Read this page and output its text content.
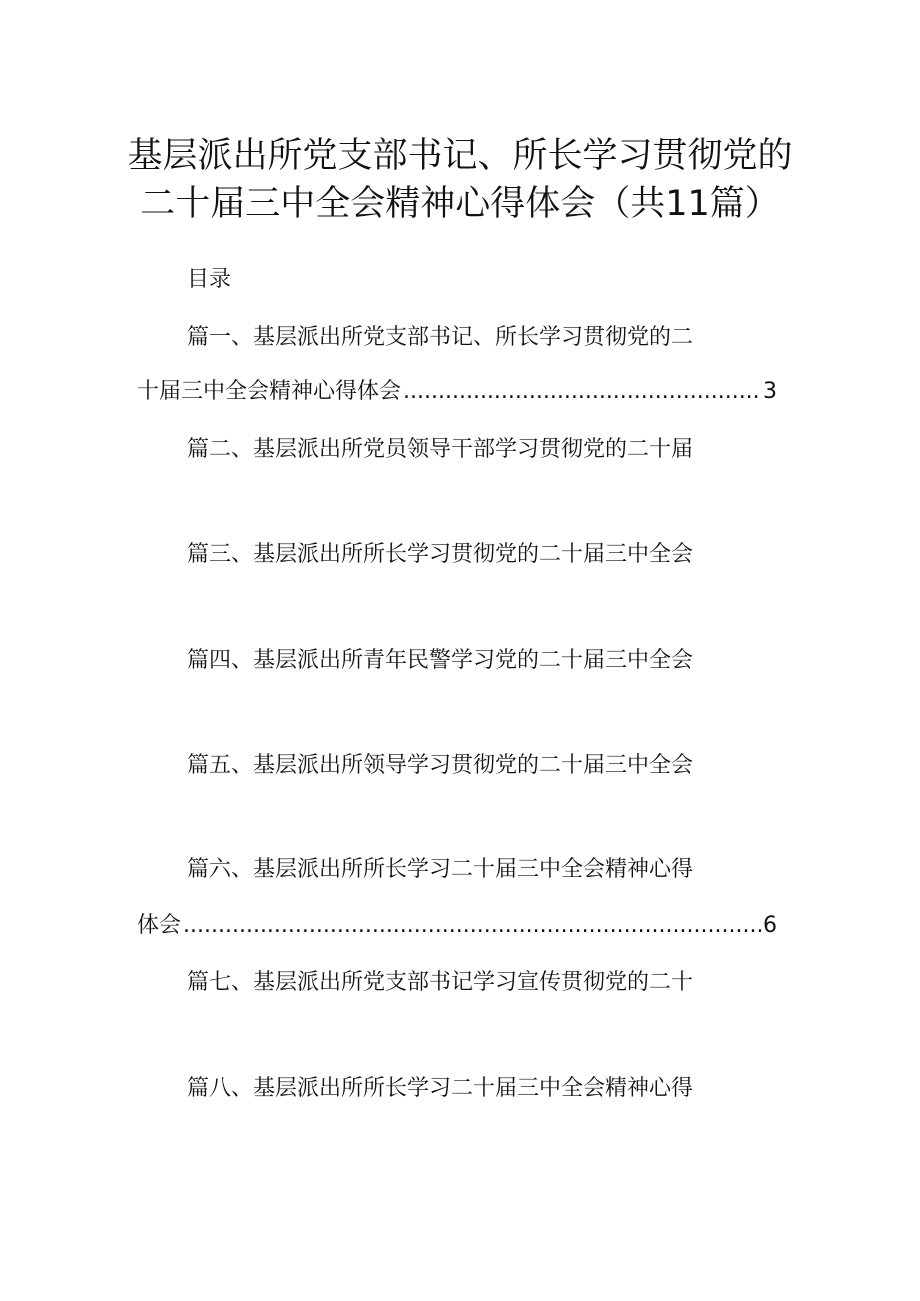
基层派出所党支部书记、所长学习贯彻党的
二十届三中全会精神心得体会（共11篇）
目录
篇一、基层派出所党支部书记、所长学习贯彻党的二
十届三中全会精神心得体会 .....	3
篇二、基层派出所党员领导干部学习贯彻党的二十届
篇三、基层派出所所长学习贯彻党的二十届三中全会
篇四、基层派出所青年民警学习党的二十届三中全会
篇五、基层派出所领导学习贯彻党的二十届三中全会
篇六、基层派出所所长学习二十届三中全会精神心得
体会 .....	6
篇七、基层派出所党支部书记学习宣传贯彻党的二十
篇八、基层派出所所长学习二十届三中全会精神心得
